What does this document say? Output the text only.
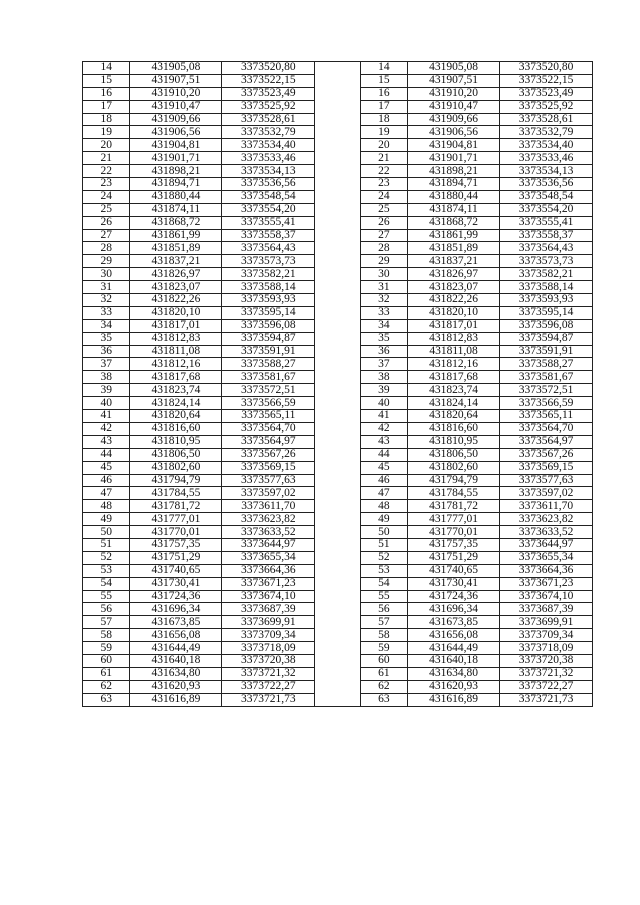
14	431905,08	3373520,80		14	431905,08	3373520,80
15	431907,51	3373522,15		15	431907,51	3373522,15
16	431910,20	3373523,49		16	431910,20	3373523,49
17	431910,47	3373525,92		17	431910,47	3373525,92
18	431909,66	3373528,61		18	431909,66	3373528,61
19	431906,56	3373532,79		19	431906,56	3373532,79
20	431904,81	3373534,40		20	431904,81	3373534,40
21	431901,71	3373533,46		21	431901,71	3373533,46
22	431898,21	3373534,13		22	431898,21	3373534,13
23	431894,71	3373536,56		23	431894,71	3373536,56
24	431880,44	3373548,54		24	431880,44	3373548,54
25	431874,11	3373554,20		25	431874,11	3373554,20
26	431868,72	3373555,41		26	431868,72	3373555,41
27	431861,99	3373558,37		27	431861,99	3373558,37
28	431851,89	3373564,43		28	431851,89	3373564,43
29	431837,21	3373573,73		29	431837,21	3373573,73
30	431826,97	3373582,21		30	431826,97	3373582,21
31	431823,07	3373588,14		31	431823,07	3373588,14
32	431822,26	3373593,93		32	431822,26	3373593,93
33	431820,10	3373595,14		33	431820,10	3373595,14
34	431817,01	3373596,08		34	431817,01	3373596,08
35	431812,83	3373594,87		35	431812,83	3373594,87
36	431811,08	3373591,91		36	431811,08	3373591,91
37	431812,16	3373588,27		37	431812,16	3373588,27
38	431817,68	3373581,67		38	431817,68	3373581,67
39	431823,74	3373572,51		39	431823,74	3373572,51
40	431824,14	3373566,59		40	431824,14	3373566,59
41	431820,64	3373565,11		41	431820,64	3373565,11
42	431816,60	3373564,70		42	431816,60	3373564,70
43	431810,95	3373564,97		43	431810,95	3373564,97
44	431806,50	3373567,26		44	431806,50	3373567,26
45	431802,60	3373569,15		45	431802,60	3373569,15
46	431794,79	3373577,63		46	431794,79	3373577,63
47	431784,55	3373597,02		47	431784,55	3373597,02
48	431781,72	3373611,70		48	431781,72	3373611,70
49	431777,01	3373623,82		49	431777,01	3373623,82
50	431770,01	3373633,52		50	431770,01	3373633,52
51	431757,35	3373644,97		51	431757,35	3373644,97
52	431751,29	3373655,34		52	431751,29	3373655,34
53	431740,65	3373664,36		53	431740,65	3373664,36
54	431730,41	3373671,23		54	431730,41	3373671,23
55	431724,36	3373674,10		55	431724,36	3373674,10
56	431696,34	3373687,39		56	431696,34	3373687,39
57	431673,85	3373699,91		57	431673,85	3373699,91
58	431656,08	3373709,34		58	431656,08	3373709,34
59	431644,49	3373718,09		59	431644,49	3373718,09
60	431640,18	3373720,38		60	431640,18	3373720,38
61	431634,80	3373721,32		61	431634,80	3373721,32
62	431620,93	3373722,27		62	431620,93	3373722,27
63	431616,89	3373721,73		63	431616,89	3373721,73
